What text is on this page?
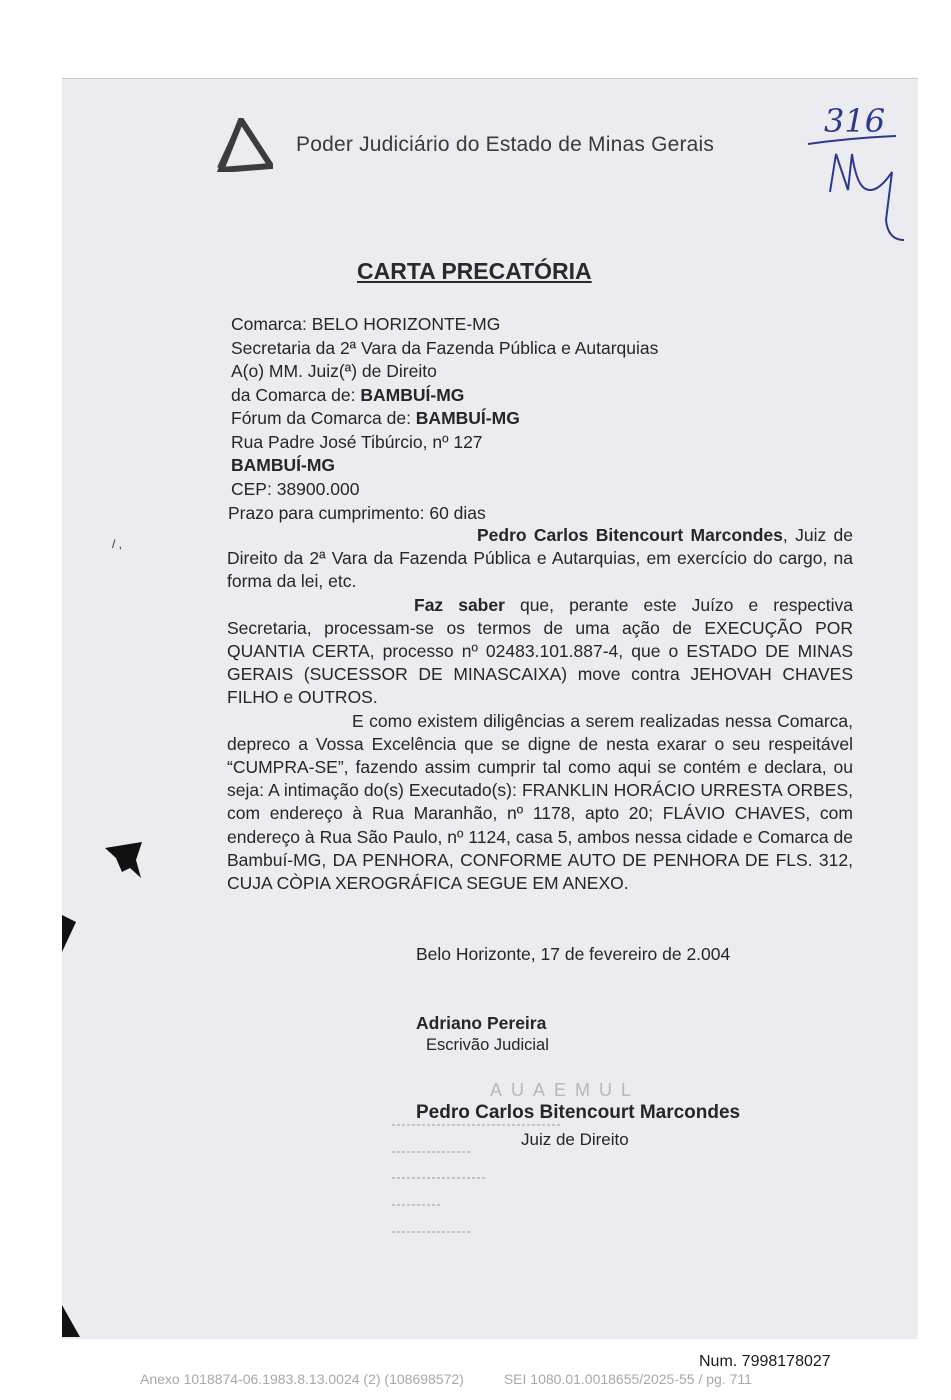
/ ,
Poder Judiciário do Estado de Minas Gerais
316
CARTA PRECATÓRIA
Comarca: BELO HORIZONTE-MG
Secretaria da 2ª Vara da Fazenda Pública e Autarquias
A(o) MM. Juiz(ª) de Direito
da Comarca de: BAMBUÍ-MG
Fórum da Comarca de: BAMBUÍ-MG
Rua Padre José Tibúrcio, nº 127
BAMBUÍ-MG
CEP: 38900.000
Prazo para cumprimento: 60 dias

Pedro Carlos Bitencourt Marcondes, Juiz de Direito da 2ª Vara da Fazenda Pública e Autarquias, em exercício do cargo, na forma da lei, etc.

Faz saber que, perante este Juízo e respectiva Secretaria, processam-se os termos de uma ação de EXECUÇÃO POR QUANTIA CERTA, processo nº 02483.101.887-4, que o ESTADO DE MINAS GERAIS (SUCESSOR DE MINASCAIXA) move contra JEHOVAH CHAVES FILHO e OUTROS.

E como existem diligências a serem realizadas nessa Comarca, depreco a Vossa Excelência que se digne de nesta exarar o seu respeitável “CUMPRA-SE”, fazendo assim cumprir tal como aqui se contém e declara, ou seja: A intimação do(s) Executado(s): FRANKLIN HORÁCIO URRESTA ORBES, com endereço à Rua Maranhão, nº 1178, apto 20; FLÁVIO CHAVES, com endereço à Rua São Paulo, nº 1124, casa 5, ambos nessa cidade e Comarca de Bambuí-MG, DA PENHORA, CONFORME AUTO DE PENHORA DE FLS. 312, CUJA CÒPIA XEROGRÁFICA SEGUE EM ANEXO.

Belo Horizonte, 17 de fevereiro de 2.004
Adriano Pereira
Escrivão Judicial
AUAEMUL
Pedro Carlos Bitencourt Marcondes
Juiz de Direito
Num. 7998178027
Anexo 1018874-06.1983.8.13.0024 (2) (108698572)	SEI 1080.01.0018655/2025-55 / pg. 711
